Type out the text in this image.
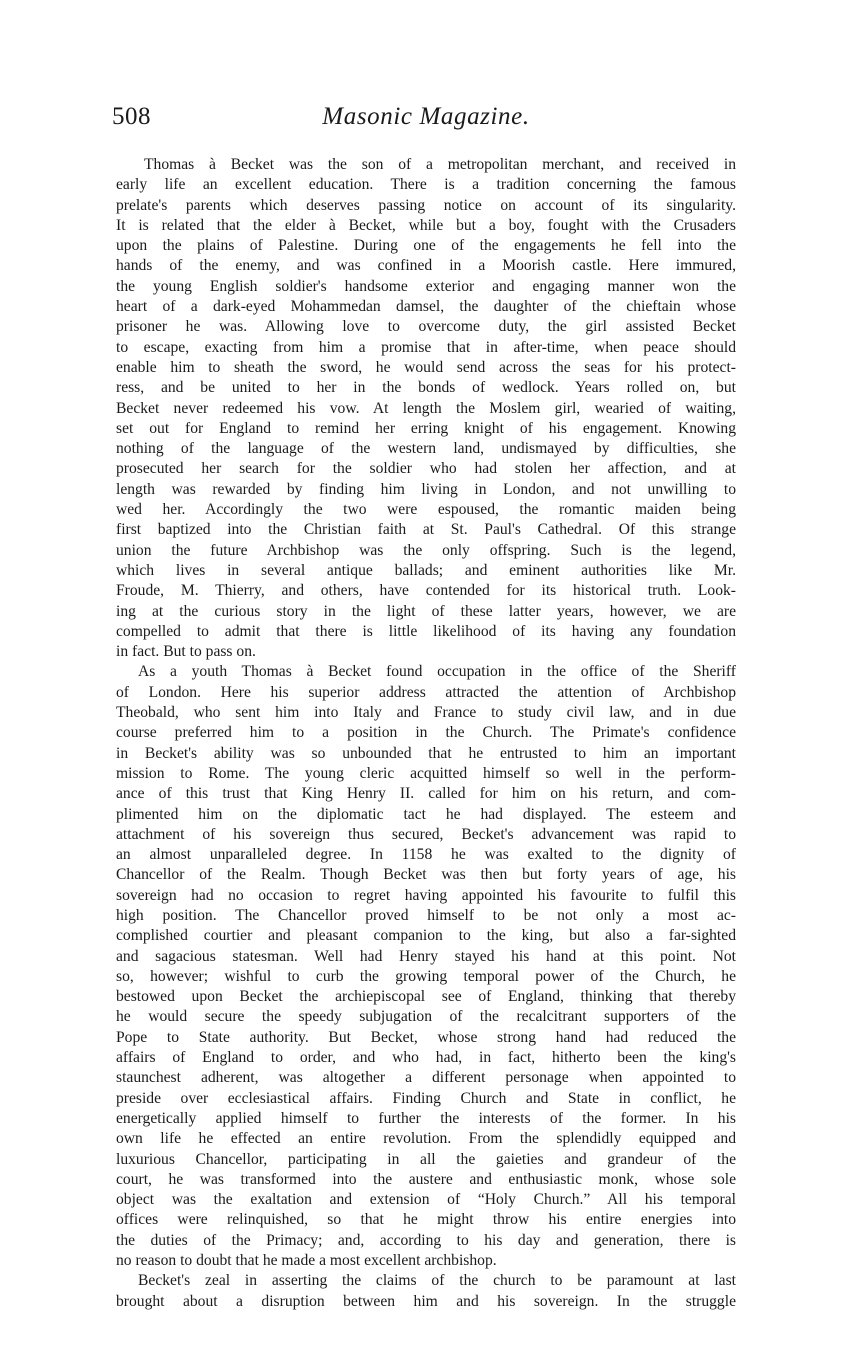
508	Masonic Magazine.
Thomas à Becket was the son of a metropolitan merchant, and received in
early life an excellent education. There is a tradition concerning the famous
prelate's parents which deserves passing notice on account of its singularity.
It is related that the elder à Becket, while but a boy, fought with the Crusaders
upon the plains of Palestine. During one of the engagements he fell into the
hands of the enemy, and was confined in a Moorish castle. Here immured,
the young English soldier's handsome exterior and engaging manner won the
heart of a dark-eyed Mohammedan damsel, the daughter of the chieftain whose
prisoner he was. Allowing love to overcome duty, the girl assisted Becket
to escape, exacting from him a promise that in after-time, when peace should
enable him to sheath the sword, he would send across the seas for his protect-
ress, and be united to her in the bonds of wedlock. Years rolled on, but
Becket never redeemed his vow. At length the Moslem girl, wearied of waiting,
set out for England to remind her erring knight of his engagement. Knowing
nothing of the language of the western land, undismayed by difficulties, she
prosecuted her search for the soldier who had stolen her affection, and at
length was rewarded by finding him living in London, and not unwilling to
wed her. Accordingly the two were espoused, the romantic maiden being
first baptized into the Christian faith at St. Paul's Cathedral. Of this strange
union the future Archbishop was the only offspring. Such is the legend,
which lives in several antique ballads; and eminent authorities like Mr.
Froude, M. Thierry, and others, have contended for its historical truth. Look-
ing at the curious story in the light of these latter years, however, we are
compelled to admit that there is little likelihood of its having any foundation
in fact. But to pass on.
As a youth Thomas à Becket found occupation in the office of the Sheriff
of London. Here his superior address attracted the attention of Archbishop
Theobald, who sent him into Italy and France to study civil law, and in due
course preferred him to a position in the Church. The Primate's confidence
in Becket's ability was so unbounded that he entrusted to him an important
mission to Rome. The young cleric acquitted himself so well in the perform-
ance of this trust that King Henry II. called for him on his return, and com-
plimented him on the diplomatic tact he had displayed. The esteem and
attachment of his sovereign thus secured, Becket's advancement was rapid to
an almost unparalleled degree. In 1158 he was exalted to the dignity of
Chancellor of the Realm. Though Becket was then but forty years of age, his
sovereign had no occasion to regret having appointed his favourite to fulfil this
high position. The Chancellor proved himself to be not only a most ac-
complished courtier and pleasant companion to the king, but also a far-sighted
and sagacious statesman. Well had Henry stayed his hand at this point. Not
so, however; wishful to curb the growing temporal power of the Church, he
bestowed upon Becket the archiepiscopal see of England, thinking that thereby
he would secure the speedy subjugation of the recalcitrant supporters of the
Pope to State authority. But Becket, whose strong hand had reduced the
affairs of England to order, and who had, in fact, hitherto been the king's
staunchest adherent, was altogether a different personage when appointed to
preside over ecclesiastical affairs. Finding Church and State in conflict, he
energetically applied himself to further the interests of the former. In his
own life he effected an entire revolution. From the splendidly equipped and
luxurious Chancellor, participating in all the gaieties and grandeur of the
court, he was transformed into the austere and enthusiastic monk, whose sole
object was the exaltation and extension of “Holy Church.” All his temporal
offices were relinquished, so that he might throw his entire energies into
the duties of the Primacy; and, according to his day and generation, there is
no reason to doubt that he made a most excellent archbishop.
Becket's zeal in asserting the claims of the church to be paramount at last
brought about a disruption between him and his sovereign. In the struggle
